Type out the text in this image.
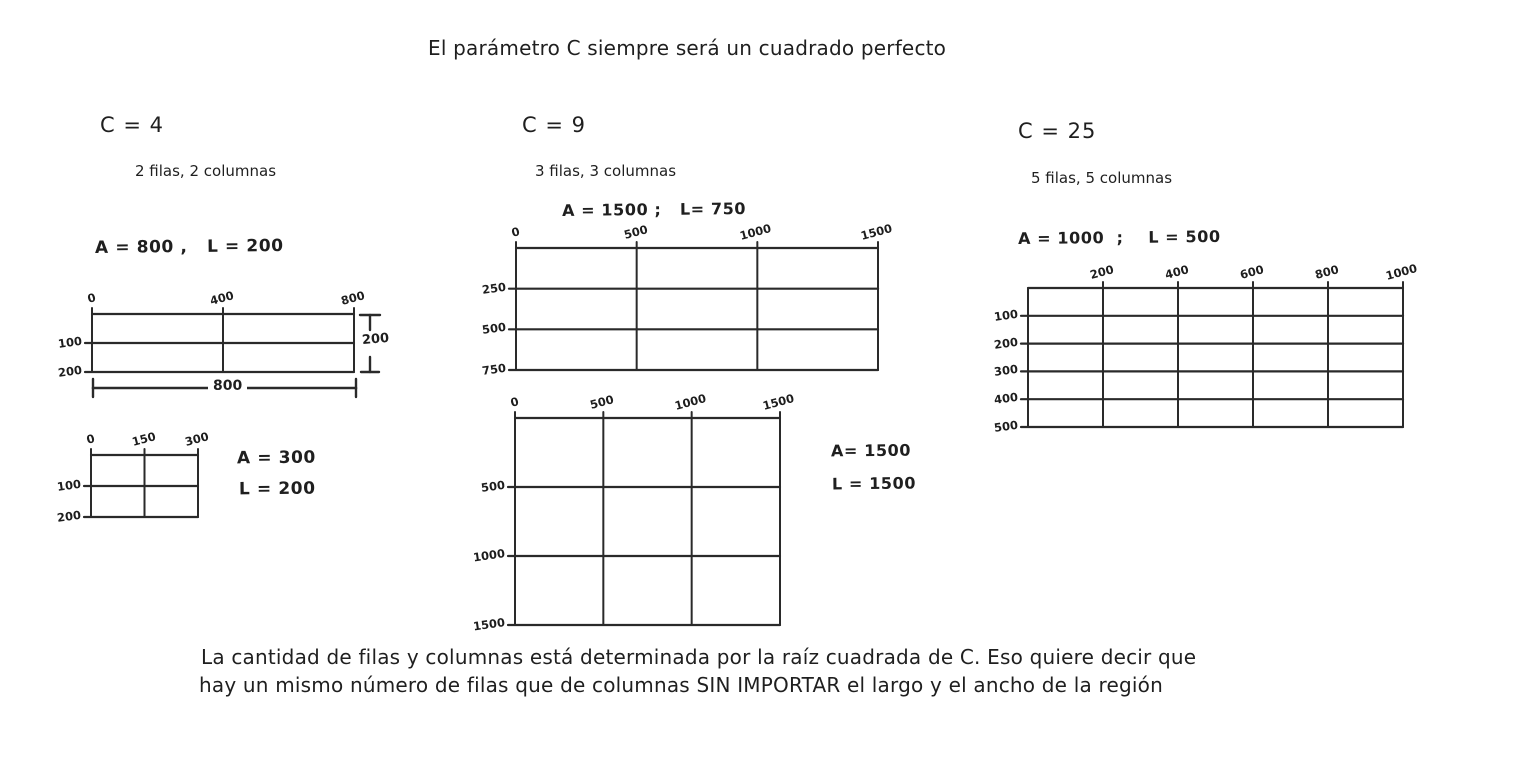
El parámetro C siempre será un cuadrado perfecto
C = 4
2 filas, 2 columnas
A = 800 ,   L = 200
0	400	800
100
200
200
800
0	150 300
100
200
A = 300
L = 200
C = 9
3 filas, 3 columnas
A = 1500 ;   L= 750
0	500	1000	1500
250
500
750
0	500	1000	1500
500
1000
1500
A= 1500
L = 1500
C = 25
5 filas, 5 columnas
A = 1000  ;    L = 500
200	400	600	800	1000
100
200
300
400
500
La cantidad de filas y columnas está determinada por la raíz cuadrada de C. Eso quiere decir que
hay un mismo número de filas que de columnas SIN IMPORTAR el largo y el ancho de la región
